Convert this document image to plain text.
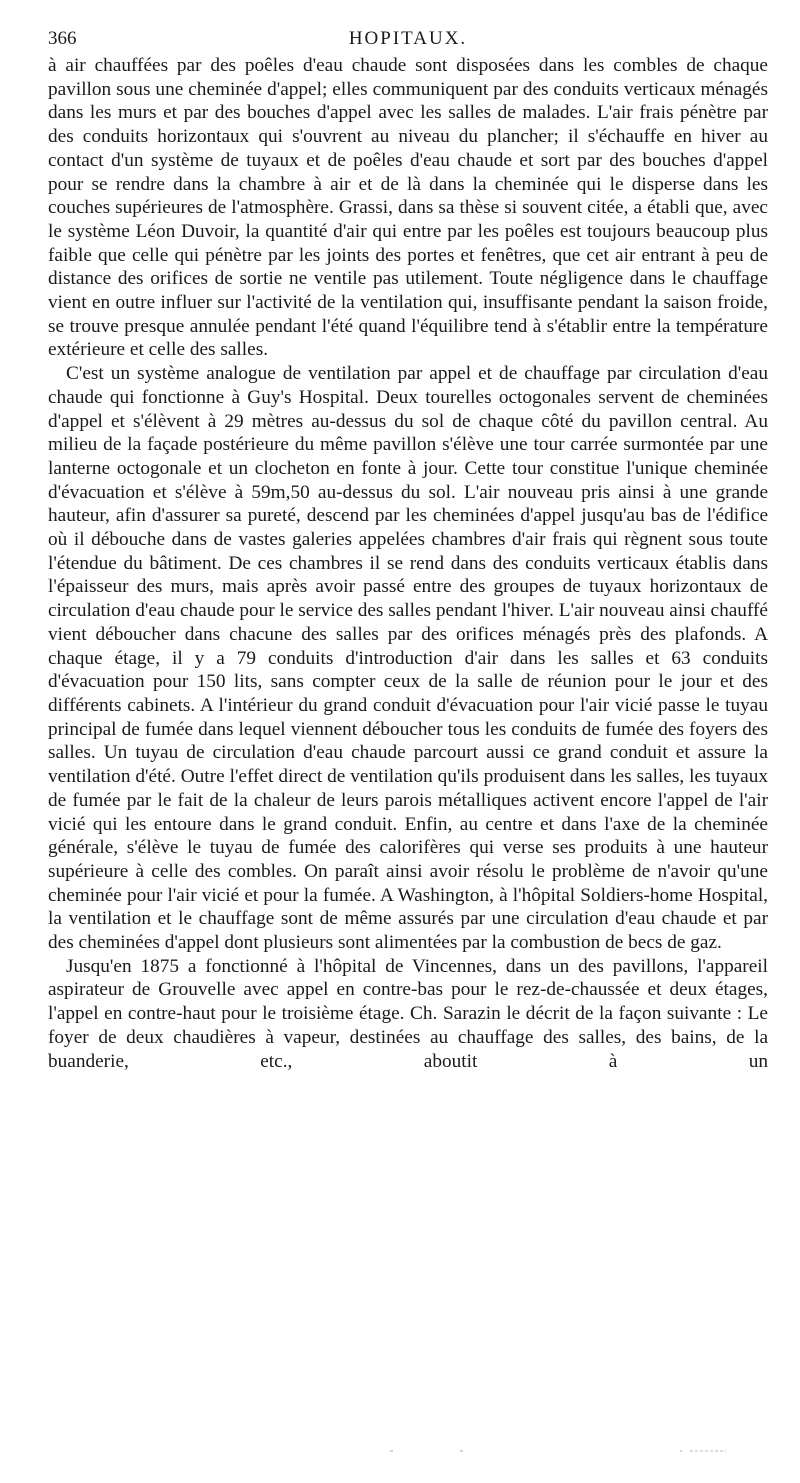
366	HOPITAUX.

à air chauffées par des poêles d'eau chaude sont disposées dans les combles de chaque pavillon sous une cheminée d'appel; elles communiquent par des conduits verticaux ménagés dans les murs et par des bouches d'appel avec les salles de malades. L'air frais pénètre par des conduits horizontaux qui s'ouvrent au niveau du plancher; il s'échauffe en hiver au contact d'un système de tuyaux et de poêles d'eau chaude et sort par des bouches d'appel pour se rendre dans la chambre à air et de là dans la cheminée qui le disperse dans les couches supérieures de l'atmosphère. Grassi, dans sa thèse si souvent citée, a établi que, avec le système Léon Duvoir, la quantité d'air qui entre par les poêles est toujours beaucoup plus faible que celle qui pénètre par les joints des portes et fenêtres, que cet air entrant à peu de distance des orifices de sortie ne ventile pas utilement. Toute négligence dans le chauffage vient en outre influer sur l'activité de la ventilation qui, insuffisante pendant la saison froide, se trouve presque annulée pendant l'été quand l'équilibre tend à s'établir entre la température extérieure et celle des salles.

C'est un système analogue de ventilation par appel et de chauffage par circulation d'eau chaude qui fonctionne à Guy's Hospital. Deux tourelles octogonales servent de cheminées d'appel et s'élèvent à 29 mètres au-dessus du sol de chaque côté du pavillon central. Au milieu de la façade postérieure du même pavillon s'élève une tour carrée surmontée par une lanterne octogonale et un clocheton en fonte à jour. Cette tour constitue l'unique cheminée d'évacuation et s'élève à 59m,50 au-dessus du sol. L'air nouveau pris ainsi à une grande hauteur, afin d'assurer sa pureté, descend par les cheminées d'appel jusqu'au bas de l'édifice où il débouche dans de vastes galeries appelées chambres d'air frais qui règnent sous toute l'étendue du bâtiment. De ces chambres il se rend dans des conduits verticaux établis dans l'épaisseur des murs, mais après avoir passé entre des groupes de tuyaux horizontaux de circulation d'eau chaude pour le service des salles pendant l'hiver. L'air nouveau ainsi chauffé vient déboucher dans chacune des salles par des orifices ménagés près des plafonds. A chaque étage, il y a 79 conduits d'introduction d'air dans les salles et 63 conduits d'évacuation pour 150 lits, sans compter ceux de la salle de réunion pour le jour et des différents cabinets. A l'intérieur du grand conduit d'évacuation pour l'air vicié passe le tuyau principal de fumée dans lequel viennent déboucher tous les conduits de fumée des foyers des salles. Un tuyau de circulation d'eau chaude parcourt aussi ce grand conduit et assure la ventilation d'été. Outre l'effet direct de ventilation qu'ils produisent dans les salles, les tuyaux de fumée par le fait de la chaleur de leurs parois métalliques activent encore l'appel de l'air vicié qui les entoure dans le grand conduit. Enfin, au centre et dans l'axe de la cheminée générale, s'élève le tuyau de fumée des calorifères qui verse ses produits à une hauteur supérieure à celle des combles. On paraît ainsi avoir résolu le problème de n'avoir qu'une cheminée pour l'air vicié et pour la fumée. A Washington, à l'hôpital Soldiers-home Hospital, la ventilation et le chauffage sont de même assurés par une circulation d'eau chaude et par des cheminées d'appel dont plusieurs sont alimentées par la combustion de becs de gaz.

Jusqu'en 1875 a fonctionné à l'hôpital de Vincennes, dans un des pavillons, l'appareil aspirateur de Grouvelle avec appel en contre-bas pour le rez-de-chaussée et deux étages, l'appel en contre-haut pour le troisième étage. Ch. Sarazin le décrit de la façon suivante : Le foyer de deux chaudières à vapeur, destinées au chauffage des salles, des bains, de la buanderie, etc., aboutit à un
